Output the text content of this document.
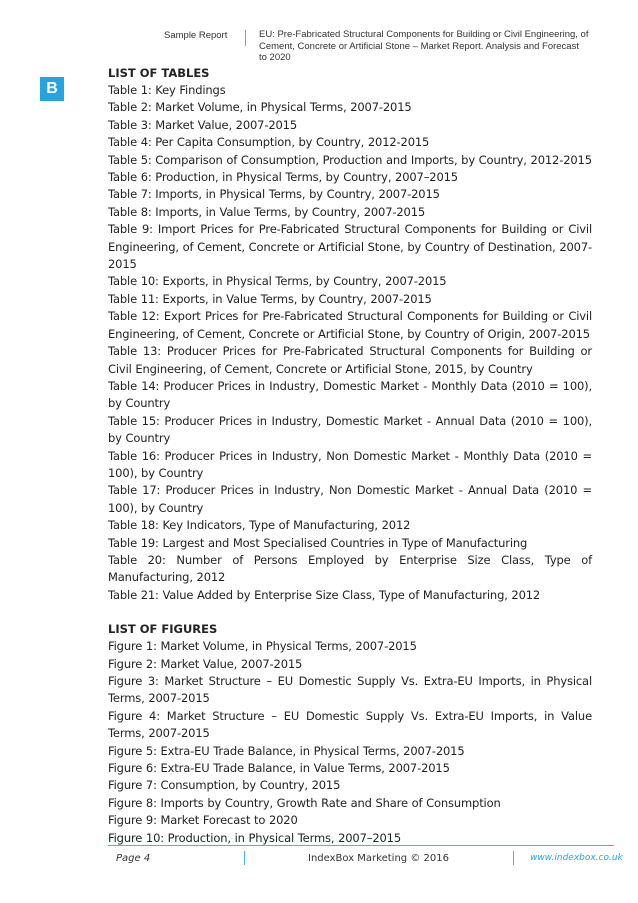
Sample Report	EU: Pre-Fabricated Structural Components for Building or Civil Engineering, of Cement, Concrete or Artificial Stone – Market Report. Analysis and Forecast to 2020
B

LIST OF TABLES

Table 1: Key Findings
Table 2: Market Volume, in Physical Terms, 2007-2015
Table 3: Market Value, 2007-2015
Table 4: Per Capita Consumption, by Country, 2012-2015
Table 5: Comparison of Consumption, Production and Imports, by Country, 2012-2015
Table 6: Production, in Physical Terms, by Country, 2007–2015
Table 7: Imports, in Physical Terms, by Country, 2007-2015
Table 8: Imports, in Value Terms, by Country, 2007-2015
Table 9: Import Prices for Pre-Fabricated Structural Components for Building or Civil Engineering, of Cement, Concrete or Artificial Stone, by Country of Destination, 2007-2015
Table 10: Exports, in Physical Terms, by Country, 2007-2015
Table 11: Exports, in Value Terms, by Country, 2007-2015
Table 12: Export Prices for Pre-Fabricated Structural Components for Building or Civil Engineering, of Cement, Concrete or Artificial Stone, by Country of Origin, 2007-2015
Table 13: Producer Prices for Pre-Fabricated Structural Components for Building or Civil Engineering, of Cement, Concrete or Artificial Stone, 2015, by Country
Table 14: Producer Prices in Industry, Domestic Market - Monthly Data (2010 = 100), by Country
Table 15: Producer Prices in Industry, Domestic Market - Annual Data (2010 = 100), by Country
Table 16: Producer Prices in Industry, Non Domestic Market - Monthly Data (2010 = 100), by Country
Table 17: Producer Prices in Industry, Non Domestic Market - Annual Data (2010 = 100), by Country
Table 18: Key Indicators, Type of Manufacturing, 2012
Table 19: Largest and Most Specialised Countries in Type of Manufacturing
Table 20: Number of Persons Employed by Enterprise Size Class, Type of Manufacturing, 2012
Table 21: Value Added by Enterprise Size Class, Type of Manufacturing, 2012

LIST OF FIGURES

Figure 1: Market Volume, in Physical Terms, 2007-2015
Figure 2: Market Value, 2007-2015
Figure 3: Market Structure – EU Domestic Supply Vs. Extra-EU Imports, in Physical Terms, 2007-2015
Figure 4: Market Structure – EU Domestic Supply Vs. Extra-EU Imports, in Value Terms, 2007-2015
Figure 5: Extra-EU Trade Balance, in Physical Terms, 2007-2015
Figure 6: Extra-EU Trade Balance, in Value Terms, 2007-2015
Figure 7: Consumption, by Country, 2015
Figure 8: Imports by Country, Growth Rate and Share of Consumption
Figure 9: Market Forecast to 2020
Figure 10: Production, in Physical Terms, 2007–2015
Page 4	IndexBox Marketing © 2016	www.indexbox.co.uk
